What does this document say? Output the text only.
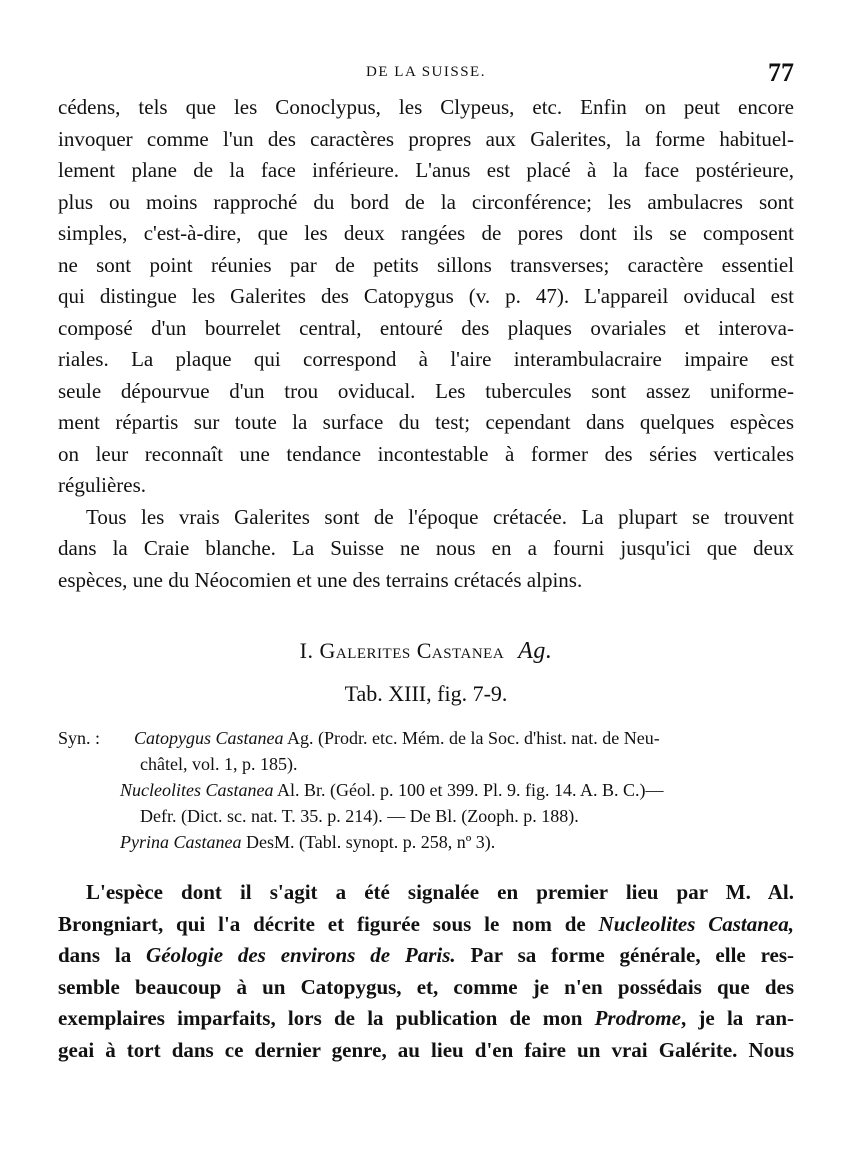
DE LA SUISSE.	77

cédens, tels que les Conoclypus, les Clypeus, etc. Enfin on peut encore
invoquer comme l'un des caractères propres aux Galerites, la forme habituel-
lement plane de la face inférieure. L'anus est placé à la face postérieure,
plus ou moins rapproché du bord de la circonférence; les ambulacres sont
simples, c'est-à-dire, que les deux rangées de pores dont ils se composent
ne sont point réunies par de petits sillons transverses; caractère essentiel
qui distingue les Galerites des Catopygus (v. p. 47). L'appareil oviducal est
composé d'un bourrelet central, entouré des plaques ovariales et interova-
riales. La plaque qui correspond à l'aire interambulacraire impaire est
seule dépourvue d'un trou oviducal. Les tubercules sont assez uniforme-
ment répartis sur toute la surface du test; cependant dans quelques espèces
on leur reconnaît une tendance incontestable à former des séries verticales
régulières.

Tous les vrais Galerites sont de l'époque crétacée. La plupart se trouvent
dans la Craie blanche. La Suisse ne nous en a fourni jusqu'ici que deux
espèces, une du Néocomien et une des terrains crétacés alpins.

I. Galerites Castanea Ag.
Tab. XIII, fig. 7-9.
Syn. : Catopygus Castanea Ag. (Prodr. etc. Mém. de la Soc. d'hist. nat. de Neu-
châtel, vol. 1, p. 185).
Nucleolites Castanea Al. Br. (Géol. p. 100 et 399. Pl. 9. fig. 14. A. B. C.)—
Defr. (Dict. sc. nat. T. 35. p. 214). — De Bl. (Zooph. p. 188).
Pyrina Castanea DesM. (Tabl. synopt. p. 258, nº 3).

L'espèce dont il s'agit a été signalée en premier lieu par M. Al.
Brongniart, qui l'a décrite et figurée sous le nom de Nucleolites Castanea,
dans la Géologie des environs de Paris. Par sa forme générale, elle res-
semble beaucoup à un Catopygus, et, comme je n'en possédais que des
exemplaires imparfaits, lors de la publication de mon Prodrome, je la ran-
geai à tort dans ce dernier genre, au lieu d'en faire un vrai Galérite. Nous
